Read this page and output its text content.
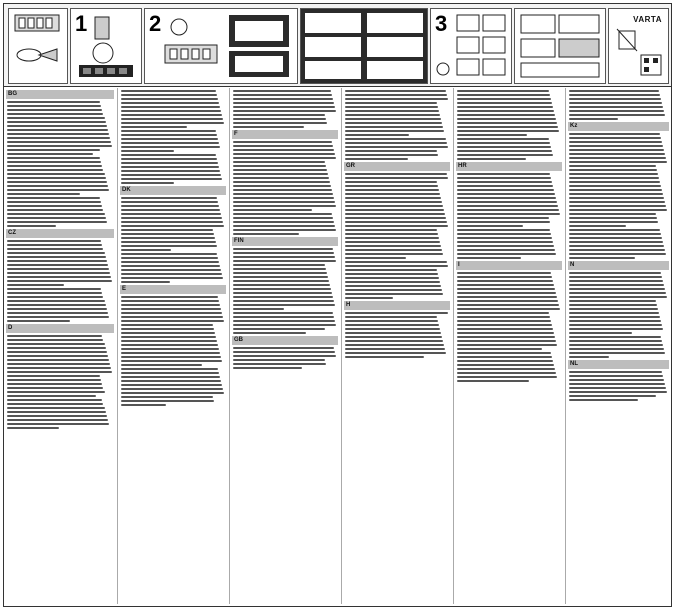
1	2	3	VARTA
BG
CZ
D
DK
E
F
FIN
GB
GR
H
HR
I
Kz
N
NL
